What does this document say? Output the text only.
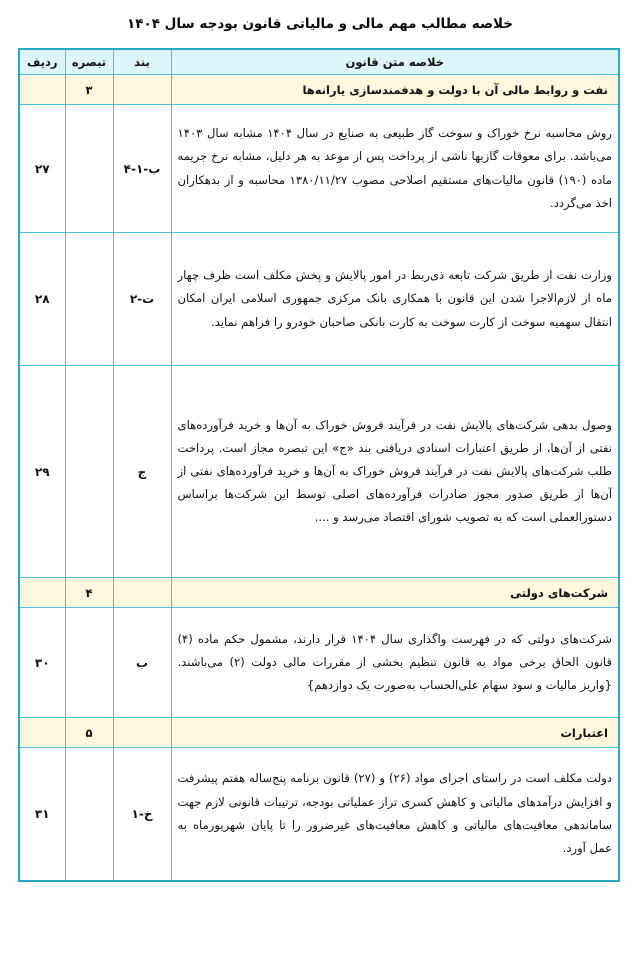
خلاصه مطالب مهم مالی و مالیاتی قانون بودجه سال ۱۴۰۴
خلاصه متن قانون	بند	تبصره	ردیف
نفت و روابط مالی آن با دولت و هدفمندسازی یارانه‌ها		۳	
روش محاسبه نرخ خوراک و سوخت گاز طبیعی به صنایع در سال ۱۴۰۴ مشابه سال ۱۴۰۳ می‌باشد. برای معوقات گازبها ناشی از پرداخت پس از موعد به هر دلیل، مشابه نرخ جریمه ماده (۱۹۰) قانون مالیات‌های مستقیم اصلاحی مصوب ۱۳۸۰/۱۱/۲۷ محاسبه و از بدهکاران اخذ می‌گردد.	ب-۱-۴		۲۷
وزارت نفت از طریق شرکت تابعه ذی‌ربط در امور پالایش و پخش مکلف است ظرف چهار ماه از لازم‌الاجرا شدن این قانون با همکاری بانک مرکزی جمهوری اسلامی ایران امکان انتقال سهمیه سوخت از کارت سوخت به کارت بانکی صاحبان خودرو را فراهم نماید.	ت-۲		۲۸
وصول بدهی شرکت‌های پالایش نفت در فرآیند فروش خوراک به آن‌ها و خرید فرآورده‌های نفتی از آن‌ها، از طریق اعتبارات اسنادی دریافتی بند «ج» این تبصره مجاز است. پرداخت طلب شرکت‌های پالایش نفت در فرآیند فروش خوراک به آن‌ها و خرید فرآورده‌های نفتی از آن‌ها از طریق صدور مجوز صادرات فرآورده‌های اصلی توسط این شرکت‌ها براساس دستورالعملی است که به تصویب شورای اقتصاد می‌رسد و ....	ج		۲۹
شرکت‌های دولتی		۴	
شرکت‌های دولتی که در فهرست واگذاری سال ۱۴۰۴ قرار دارند، مشمول حکم ماده (۴) قانون الحاق برخی مواد به قانون تنظیم بخشی از مقررات مالی دولت (۲) می‌باشند. {واریز مالیات و سود سهام علی‌الحساب به‌صورت یک دوازدهم}	ب		۳۰
اعتبارات		۵	
دولت مکلف است در راستای اجرای مواد (۲۶) و (۲۷) قانون برنامه پنج‌ساله هفتم پیشرفت و افزایش درآمدهای مالیاتی و کاهش کسری تراز عملیاتی بودجه، ترتیبات قانونی لازم جهت ساماندهی معافیت‌های مالیاتی و کاهش معافیت‌های غیرضرور را تا پایان شهریورماه به عمل آورد.	خ-۱		۳۱
